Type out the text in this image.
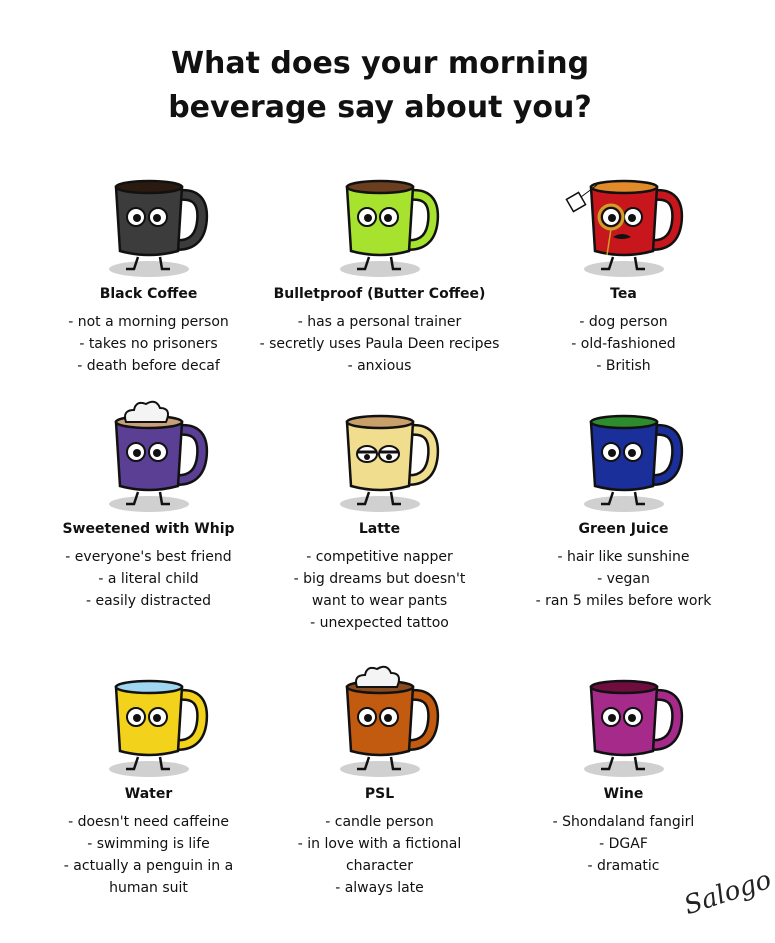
What does your morning
beverage say about you?
Black Coffee
- not a morning person
- takes no prisoners
- death before decaf
Bulletproof (Butter Coffee)
- has a personal trainer
- secretly uses Paula Deen recipes
- anxious
Tea
- dog person
- old-fashioned
- British
Sweetened with Whip
- everyone's best friend
- a literal child
- easily distracted
Latte
- competitive napper
- big dreams but doesn't
want to wear pants
- unexpected tattoo
Green Juice
- hair like sunshine
- vegan
- ran 5 miles before work
Water
- doesn't need caffeine
- swimming is life
- actually a penguin in a
human suit
PSL
- candle person
- in love with a fictional
character
- always late
Wine
- Shondaland fangirl
- DGAF
- dramatic Salogo
